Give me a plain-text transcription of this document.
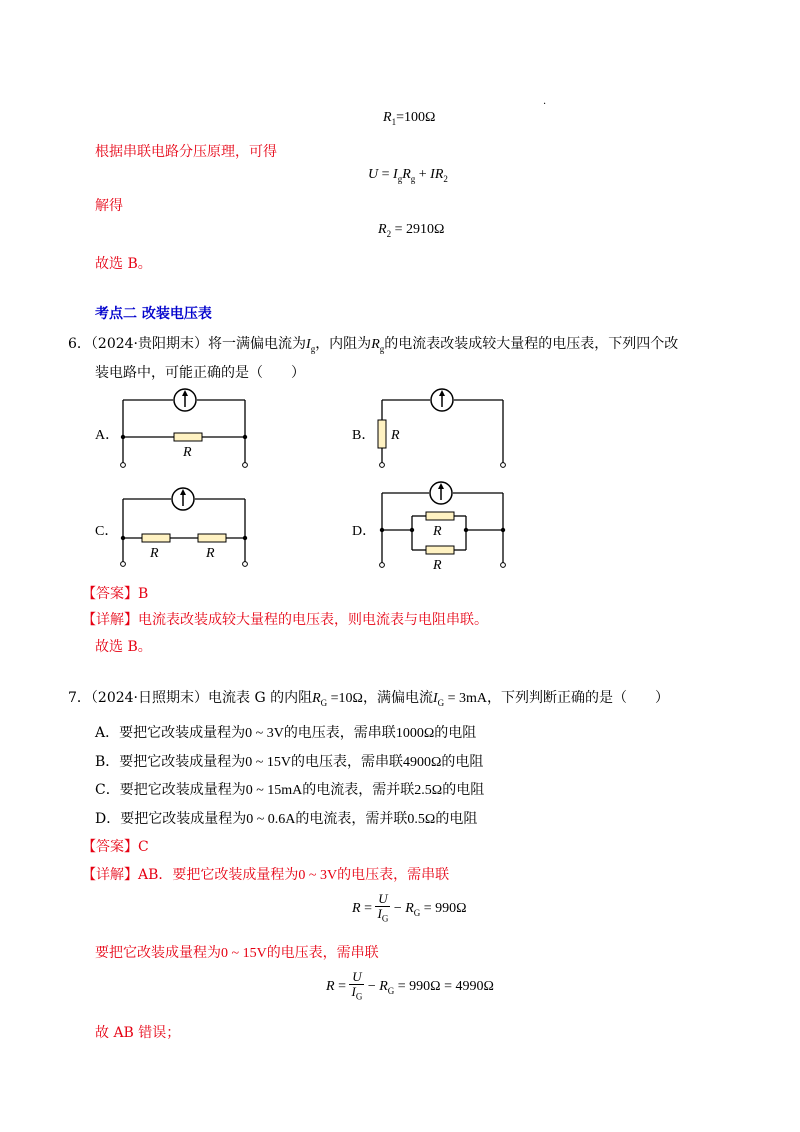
.
$R_1=100\Omega$
根据串联电路分压原理，可得
$U = I_gR_g + IR_2$
解得
$R_2 = 2910\Omega$
故选 B。
考点二 改装电压表
6．（2024·贵阳期末）将一满偏电流为$I_g$，内阻为$R_g$的电流表改装成较大量程的电压表，下列四个改
装电路中，可能正确的是（　　）
A．
R
B． R
C．
R	R
D．	R
R
【答案】B
【详解】电流表改装成较大量程的电压表，则电流表与电阻串联。
故选 B。
7．（2024·日照期末）电流表 G 的内阻$R_G =10\Omega$，满偏电流$I_G = 3mA$，下列判断正确的是（　　）
A．要把它改装成量程为0 ~ 3V的电压表，需串联1000Ω的电阻
B．要把它改装成量程为0 ~ 15V的电压表，需串联4900Ω的电阻
C．要把它改装成量程为0 ~ 15mA的电流表，需并联2.5Ω的电阻
D．要把它改装成量程为0 ~ 0.6A的电流表，需并联0.5Ω的电阻
【答案】C
【详解】AB．要把它改装成量程为0 ~ 3V的电压表，需串联
$R = \frac{U}{I_G} - R_G = 990\Omega$
要把它改装成量程为0 ~ 15V的电压表，需串联
$R = \frac{U}{I_G} - R_G = 990\Omega = 4990\Omega$
故 AB 错误；
